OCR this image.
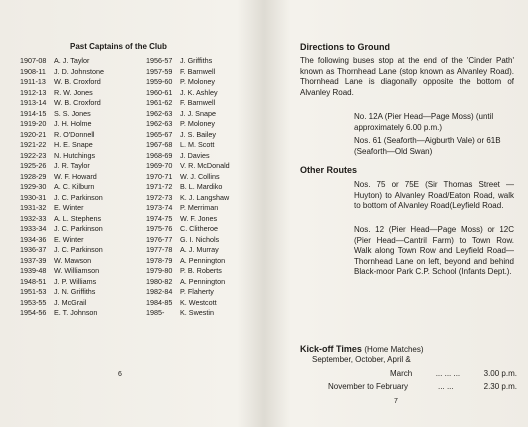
Past Captains of the Club
1907-08 A. J. Taylor
1908-11 J. D. Johnstone
1911-13 W. B. Croxford
1912-13 R. W. Jones
1913-14 W. B. Croxford
1914-15 S. S. Jones
1919-20 J. H. Holme
1920-21 R. O'Donnell
1921-22 H. E. Snape
1922-23 N. Hutchings
1925-26 J. R. Taylor
1928-29 W. F. Howard
1929-30 A. C. Kilburn
1930-31 J. C. Parkinson
1931-32 E. Winter
1932-33 A. L. Stephens
1933-34 J. C. Parkinson
1934-36 E. Winter
1936-37 J. C. Parkinson
1937-39 W. Mawson
1939-48 W. Williamson
1948-51 J. P. Williams
1951-53 J. N. Griffiths
1953-55 J. McGrail
1954-56 E. T. Johnson
1956-57 J. Griffiths
1957-59 F. Barnwell
1959-60 P. Moloney
1960-61 J. K. Ashley
1961-62 F. Barnwell
1962-63 J. J. Snape
1962-63 P. Moloney
1965-67 J. S. Bailey
1967-68 L. M. Scott
1968-69 J. Davies
1969-70 V. R. McDonald
1970-71 W. J. Collins
1971-72 B. L. Mardiko
1972-73 K. J. Langshaw
1973-74 P. Merriman
1974-75 W. F. Jones
1975-76 C. Clitheroe
1976-77 G. I. Nichols
1977-78 A. J. Murray
1978-79 A. Pennington
1979-80 P. B. Roberts
1980-82 A. Pennington
1982-84 P. Flaherty
1984-85 K. Westcott
1985- K. Swestin
6
Directions to Ground
The following buses stop at the end of the 'Cinder Path' known as Thornhead Lane (stop known as Alvanley Road). Thornhead Lane is diagonally opposite the bottom of Alvanley Road.
No. 12A (Pier Head—Page Moss) (until approximately 6.00 p.m.)
Nos. 61 (Seaforth—Aigburth Vale) or 61B (Seaforth—Old Swan)
Other Routes
Nos. 75 or 75E (Sir Thomas Street —Huyton) to Alvanley Road/Eaton Road, walk to bottom of Alvanley Road(Leyfield Road.
Nos. 12 (Pier Head—Page Moss) or 12C (Pier Head—Cantril Farm) to Town Row. Walk along Town Row and Leyfield Road—Thornhead Lane on left, beyond and behind Black-moor Park C.P. School (Infants Dept.).
Kick-off Times (Home Matches)
September, October, April &
March	... ... ...	3.00 p.m.
November to February	... ...	2.30 p.m.
7
